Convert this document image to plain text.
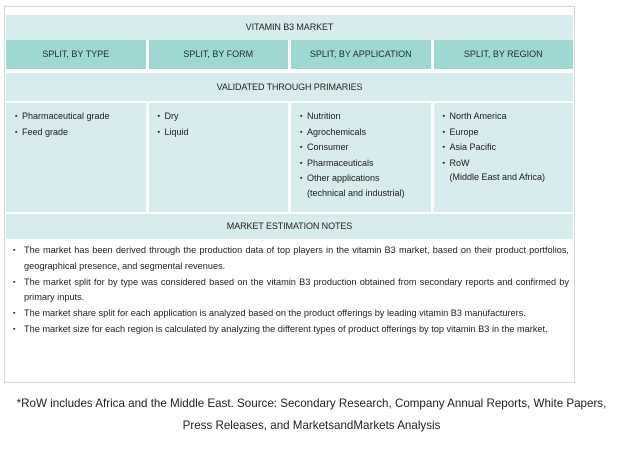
VITAMIN B3 MARKET
SPLIT, BY TYPE	SPLIT, BY FORM	SPLIT, BY APPLICATION	SPLIT, BY REGION
VALIDATED THROUGH PRIMARIES
▪ Pharmaceutical grade
▪ Feed grade
▪ Dry
▪ Liquid
▪ Nutrition
▪ Agrochemicals
▪ Consumer
▪ Pharmaceuticals
▪ Other applications
(technical and industrial)
▪ North America
▪ Europe
▪ Asia Pacific
▪ RoW
(Middle East and Africa)
MARKET ESTIMATION NOTES
▪ The market has been derived through the production data of top players in the vitamin B3 market, based on their product portfolios, geographical presence, and segmental revenues.
▪ The market split for by type was considered based on the vitamin B3 production obtained from secondary reports and confirmed by primary inputs.
▪ The market share split for each application is analyzed based on the product offerings by leading vitamin B3 manufacturers.
▪ The market size for each region is calculated by analyzing the different types of product offerings by top vitamin B3 in the market.
*RoW includes Africa and the Middle East. Source: Secondary Research, Company Annual Reports, White Papers,
Press Releases, and MarketsandMarkets Analysis
